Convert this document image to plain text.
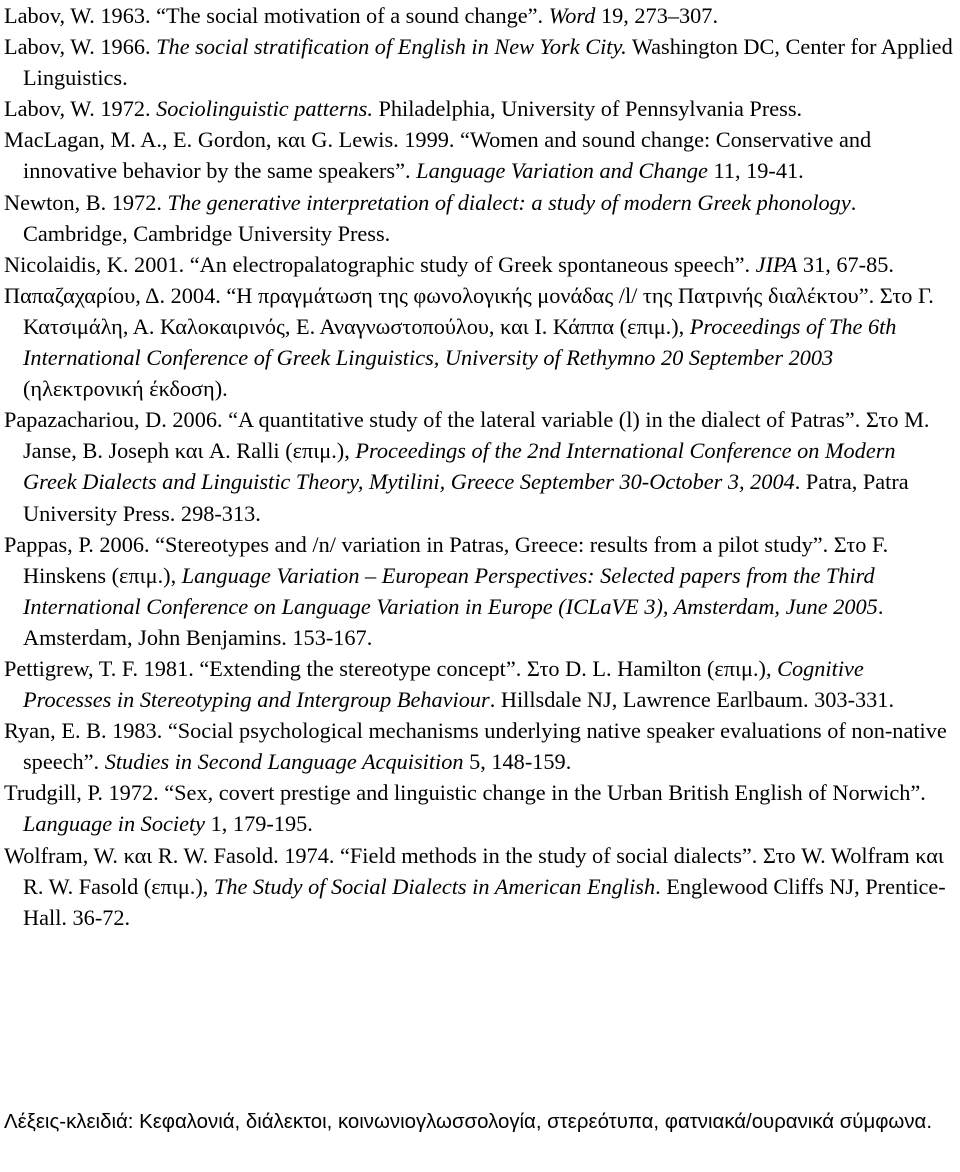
Labov, W. 1963. “The social motivation of a sound change”. Word 19, 273–307.

Labov, W. 1966. The social stratification of English in New York City. Washington DC, Center for Applied Linguistics.

Labov, W. 1972. Sociolinguistic patterns. Philadelphia, University of Pennsylvania Press.

MacLagan, M. A., E. Gordon, και G. Lewis. 1999. “Women and sound change: Conservative and innovative behavior by the same speakers”. Language Variation and Change 11, 19-41.

Newton, B. 1972. The generative interpretation of dialect: a study of modern Greek phonology. Cambridge, Cambridge University Press.

Nicolaidis, K. 2001. “An electropalatographic study of Greek spontaneous speech”. JIPA 31, 67-85.

Παπαζαχαρίου, Δ. 2004. “Η πραγμάτωση της φωνολογικής μονάδας /l/ της Πατρινής διαλέκτου”. Στο Γ. Κατσιμάλη, Α. Καλοκαιρινός, Ε. Αναγνωστοπούλου, και Ι. Κάππα (επιμ.), Proceedings of The 6th International Conference of Greek Linguistics, University of Rethymno 20 September 2003 (ηλεκτρονική έκδοση).

Papazachariou, D. 2006. “A quantitative study of the lateral variable (l) in the dialect of Patras”. Στο M. Janse, B. Joseph και A. Ralli (επιμ.), Proceedings of the 2nd International Conference on Modern Greek Dialects and Linguistic Theory, Mytilini, Greece September 30-October 3, 2004. Patra, Patra University Press. 298-313.

Pappas, P. 2006. “Stereotypes and /n/ variation in Patras, Greece: results from a pilot study”. Στο F. Hinskens (επιμ.), Language Variation – European Perspectives: Selected papers from the Third International Conference on Language Variation in Europe (ICLaVE 3), Amsterdam, June 2005. Amsterdam, John Benjamins. 153-167.

Pettigrew, T. F. 1981. “Extending the stereotype concept”. Στο D. L. Hamilton (επιμ.), Cognitive Processes in Stereotyping and Intergroup Behaviour. Hillsdale NJ, Lawrence Earlbaum. 303-331.

Ryan, E. B. 1983. “Social psychological mechanisms underlying native speaker evaluations of non-native speech”. Studies in Second Language Acquisition 5, 148-159.

Trudgill, P. 1972. “Sex, covert prestige and linguistic change in the Urban British English of Norwich”. Language in Society 1, 179-195.

Wolfram, W. και R. W. Fasold. 1974. “Field methods in the study of social dialects”. Στο W. Wolfram και R. W. Fasold (επιμ.), The Study of Social Dialects in American English. Englewood Cliffs NJ, Prentice-Hall. 36-72.

Λέξεις-κλειδιά: Κεφαλονιά, διάλεκτοι, κοινωνιογλωσσολογία, στερεότυπα, φατνιακά/ουρανικά σύμφωνα.
